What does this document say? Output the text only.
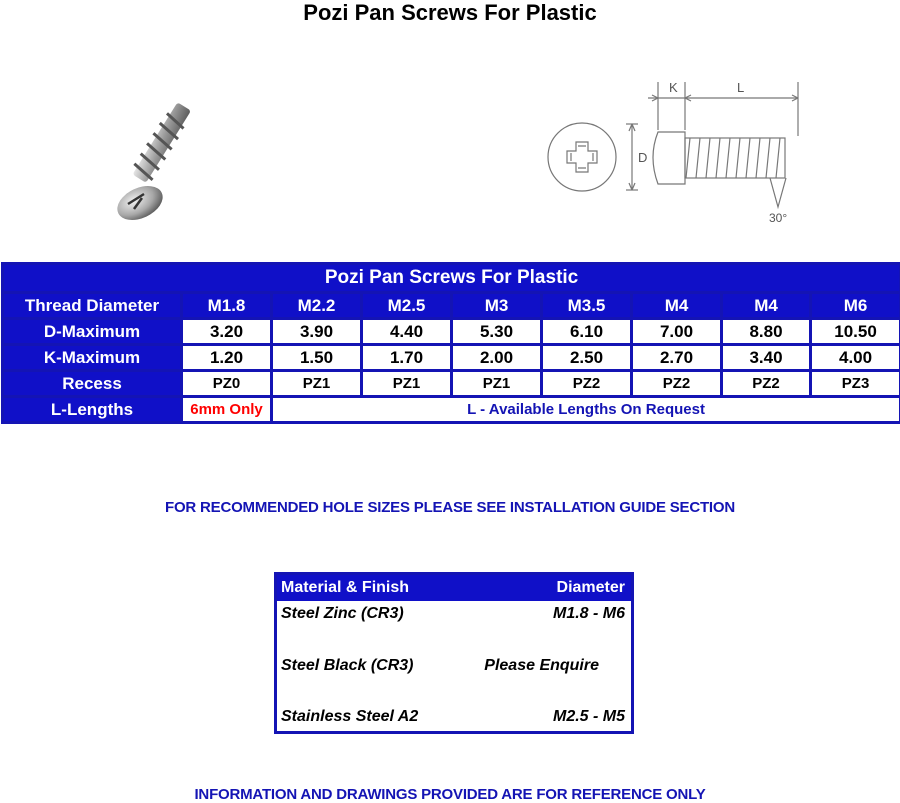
Pozi Pan Screws For Plastic
K	L
D
30°
Pozi Pan Screws For Plastic								
Thread Diameter	M1.8	M2.2	M2.5	M3	M3.5	M4	M4	M6
D-Maximum	3.20	3.90	4.40	5.30	6.10	7.00	8.80	10.50
K-Maximum	1.20	1.50	1.70	2.00	2.50	2.70	3.40	4.00
Recess	PZ0	PZ1	PZ1	PZ1	PZ2	PZ2	PZ2	PZ3
L-Lengths	6mm Only	L - Available Lengths On Request						
FOR RECOMMENDED HOLE SIZES PLEASE SEE INSTALLATION GUIDE SECTION
Material & Finish	Diameter
Steel Zinc (CR3)	M1.8 - M6
Steel Black (CR3)	Please Enquire
Stainless Steel A2	M2.5 - M5
INFORMATION AND DRAWINGS PROVIDED ARE FOR REFERENCE ONLY
